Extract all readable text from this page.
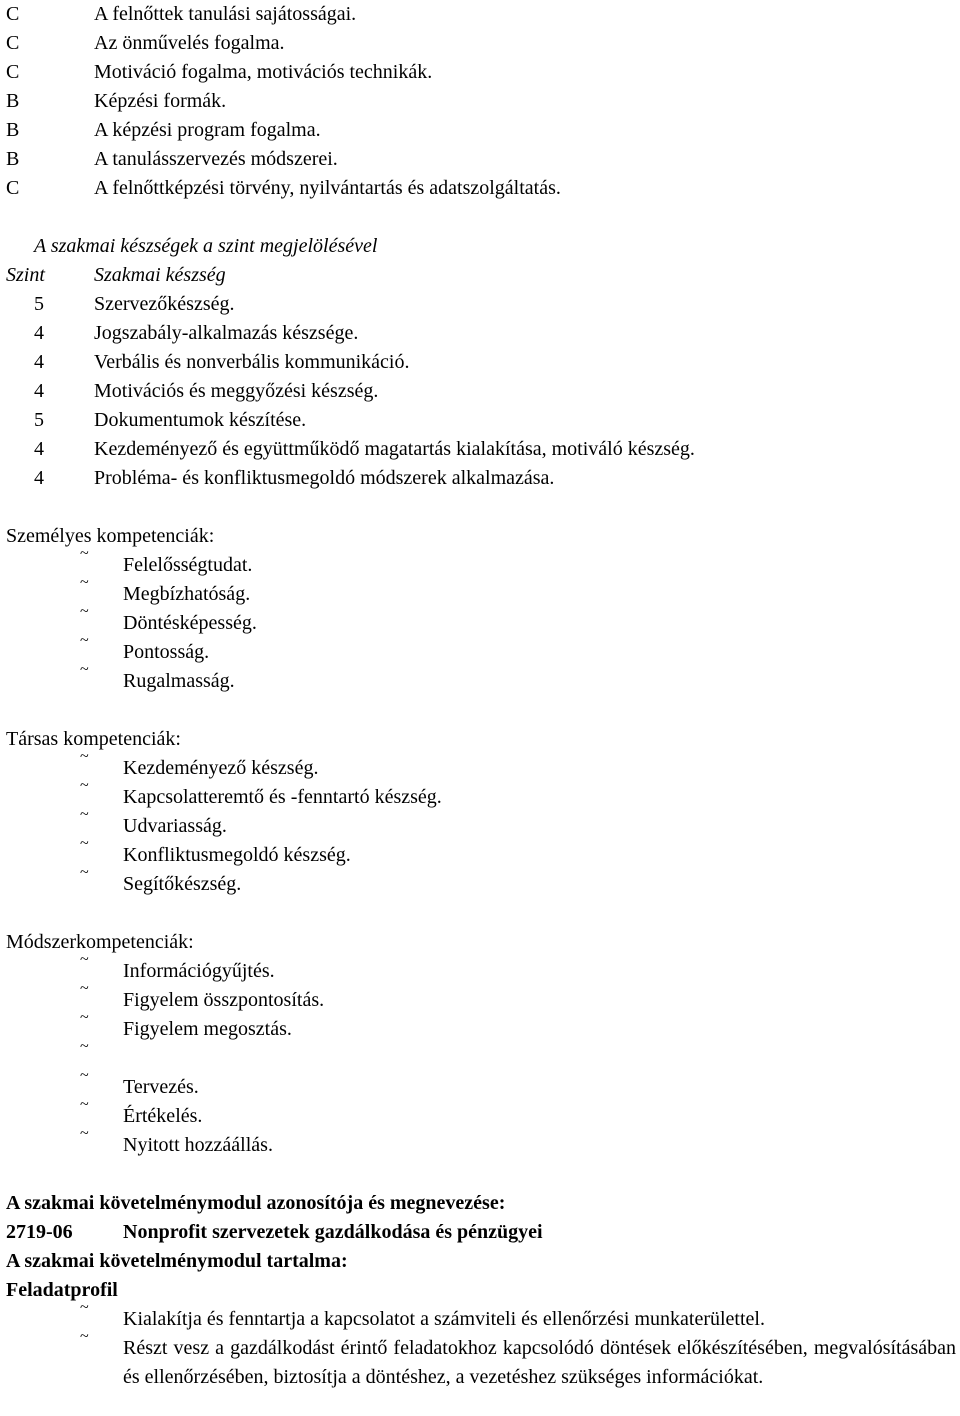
C	A felnőttek tanulási sajátosságai.
C	Az önművelés fogalma.
C	Motiváció fogalma, motivációs technikák.
B	Képzési formák.
B	A képzési program fogalma.
B	A tanulásszervezés módszerei.
C	A felnőttképzési törvény, nyilvántartás és adatszolgáltatás.
A szakmai készségek a szint megjelölésével
Szint Szakmai készség
5	Szervezőkészség.
4	Jogszabály-alkalmazás készsége.
4	Verbális és nonverbális kommunikáció.
4	Motivációs és meggyőzési készség.
5	Dokumentumok készítése.
4	Kezdeményező és együttműködő magatartás kialakítása, motiváló készség.
4	Probléma- és konfliktusmegoldó módszerek alkalmazása.
Személyes kompetenciák:
~
Felelősségtudat.
~
Megbízhatóság.
~
Döntésképesség.
~
Pontosság.
~
Rugalmasság.
Társas kompetenciák:
~
Kezdeményező készség.
~
Kapcsolatteremtő és -fenntartó készség.
~
Udvariasság.
~
Konfliktusmegoldó készség.
~
Segítőkészség.
Módszerkompetenciák:
~
Információgyűjtés.
~
Figyelem összpontosítás.
~
Figyelem megosztás.
~
~
Tervezés.
~
Értékelés.
~
Nyitott hozzáállás.
A szakmai követelménymodul azonosítója és megnevezése:
2719-06	Nonprofit szervezetek gazdálkodása és pénzügyei
A szakmai követelménymodul tartalma:
Feladatprofil
~
Kialakítja és fenntartja a kapcsolatot a számviteli és ellenőrzési munkaterülettel.
~
Részt vesz a gazdálkodást érintő feladatokhoz kapcsolódó döntések előkészítésében, megvalósításában és ellenőrzésében, biztosítja a döntéshez, a vezetéshez szükséges információkat.
